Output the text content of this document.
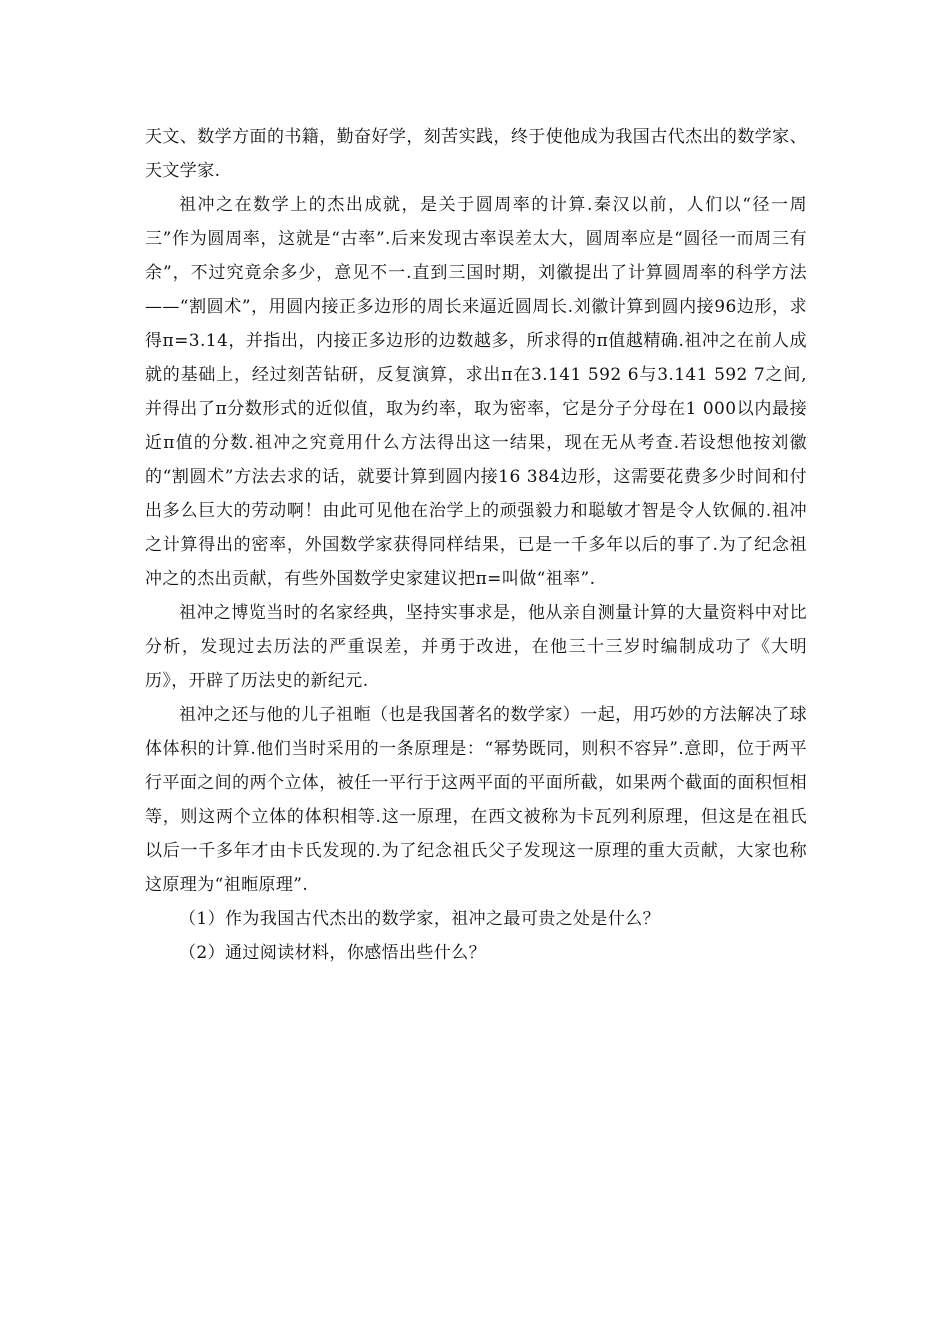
天文、数学方面的书籍，勤奋好学，刻苦实践，终于使他成为我国古代杰出的数学家、天文学家.

祖冲之在数学上的杰出成就，是关于圆周率的计算.秦汉以前，人们以“径一周三”作为圆周率，这就是“古率”.后来发现古率误差太大，圆周率应是“圆径一而周三有余”，不过究竟余多少，意见不一.直到三国时期，刘徽提出了计算圆周率的科学方法——“割圆术”，用圆内接正多边形的周长来逼近圆周长.刘徽计算到圆内接96边形，求得π=3.14，并指出，内接正多边形的边数越多，所求得的π值越精确.祖冲之在前人成就的基础上，经过刻苦钻研，反复演算，求出π在3.141 592 6与3.141 592 7之间,并得出了π分数形式的近似值，取为约率，取为密率，它是分子分母在1 000以内最接近π值的分数.祖冲之究竟用什么方法得出这一结果，现在无从考查.若设想他按刘徽的“割圆术”方法去求的话，就要计算到圆内接16 384边形，这需要花费多少时间和付出多么巨大的劳动啊！由此可见他在治学上的顽强毅力和聪敏才智是令人钦佩的.祖冲之计算得出的密率，外国数学家获得同样结果，已是一千多年以后的事了.为了纪念祖冲之的杰出贡献，有些外国数学史家建议把π=叫做“祖率”.

祖冲之博览当时的名家经典，坚持实事求是，他从亲自测量计算的大量资料中对比分析，发现过去历法的严重误差，并勇于改进，在他三十三岁时编制成功了《大明历》，开辟了历法史的新纪元.

祖冲之还与他的儿子祖暅（也是我国著名的数学家）一起，用巧妙的方法解决了球体体积的计算.他们当时采用的一条原理是：“幂势既同，则积不容异”.意即，位于两平行平面之间的两个立体，被任一平行于这两平面的平面所截，如果两个截面的面积恒相等，则这两个立体的体积相等.这一原理，在西文被称为卡瓦列利原理，但这是在祖氏以后一千多年才由卡氏发现的.为了纪念祖氏父子发现这一原理的重大贡献，大家也称这原理为“祖暅原理”.

（1）作为我国古代杰出的数学家，祖冲之最可贵之处是什么？

（2）通过阅读材料，你感悟出些什么？
